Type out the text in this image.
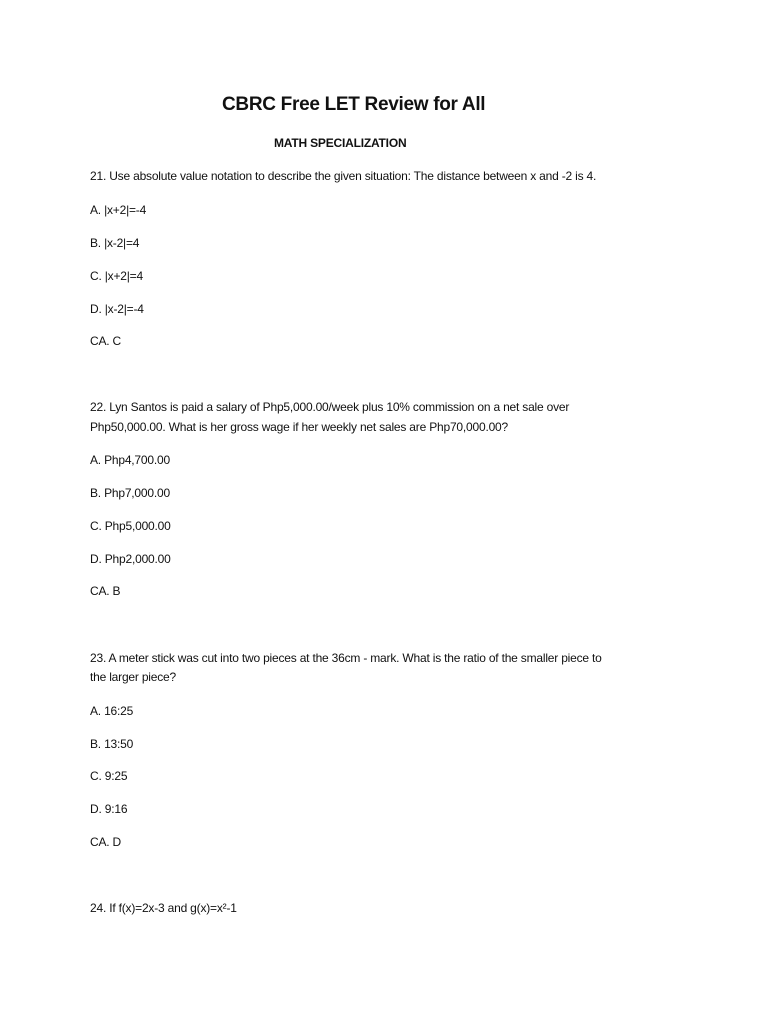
CBRC Free LET Review for All
MATH SPECIALIZATION
21. Use absolute value notation to describe the given situation: The distance between x and -2 is 4.
A. |x+2|=-4
B. |x-2|=4
C. |x+2|=4
D. |x-2|=-4
CA. C
22. Lyn Santos is paid a salary of Php5,000.00/week plus 10% commission on a net sale over
Php50,000.00. What is her gross wage if her weekly net sales are Php70,000.00?
A. Php4,700.00
B. Php7,000.00
C. Php5,000.00
D. Php2,000.00
CA. B
23. A meter stick was cut into two pieces at the 36cm - mark. What is the ratio of the smaller piece to
the larger piece?
A. 16:25
B. 13:50
C. 9:25
D. 9:16
CA. D
24. If f(x)=2x-3 and g(x)=x²-1
